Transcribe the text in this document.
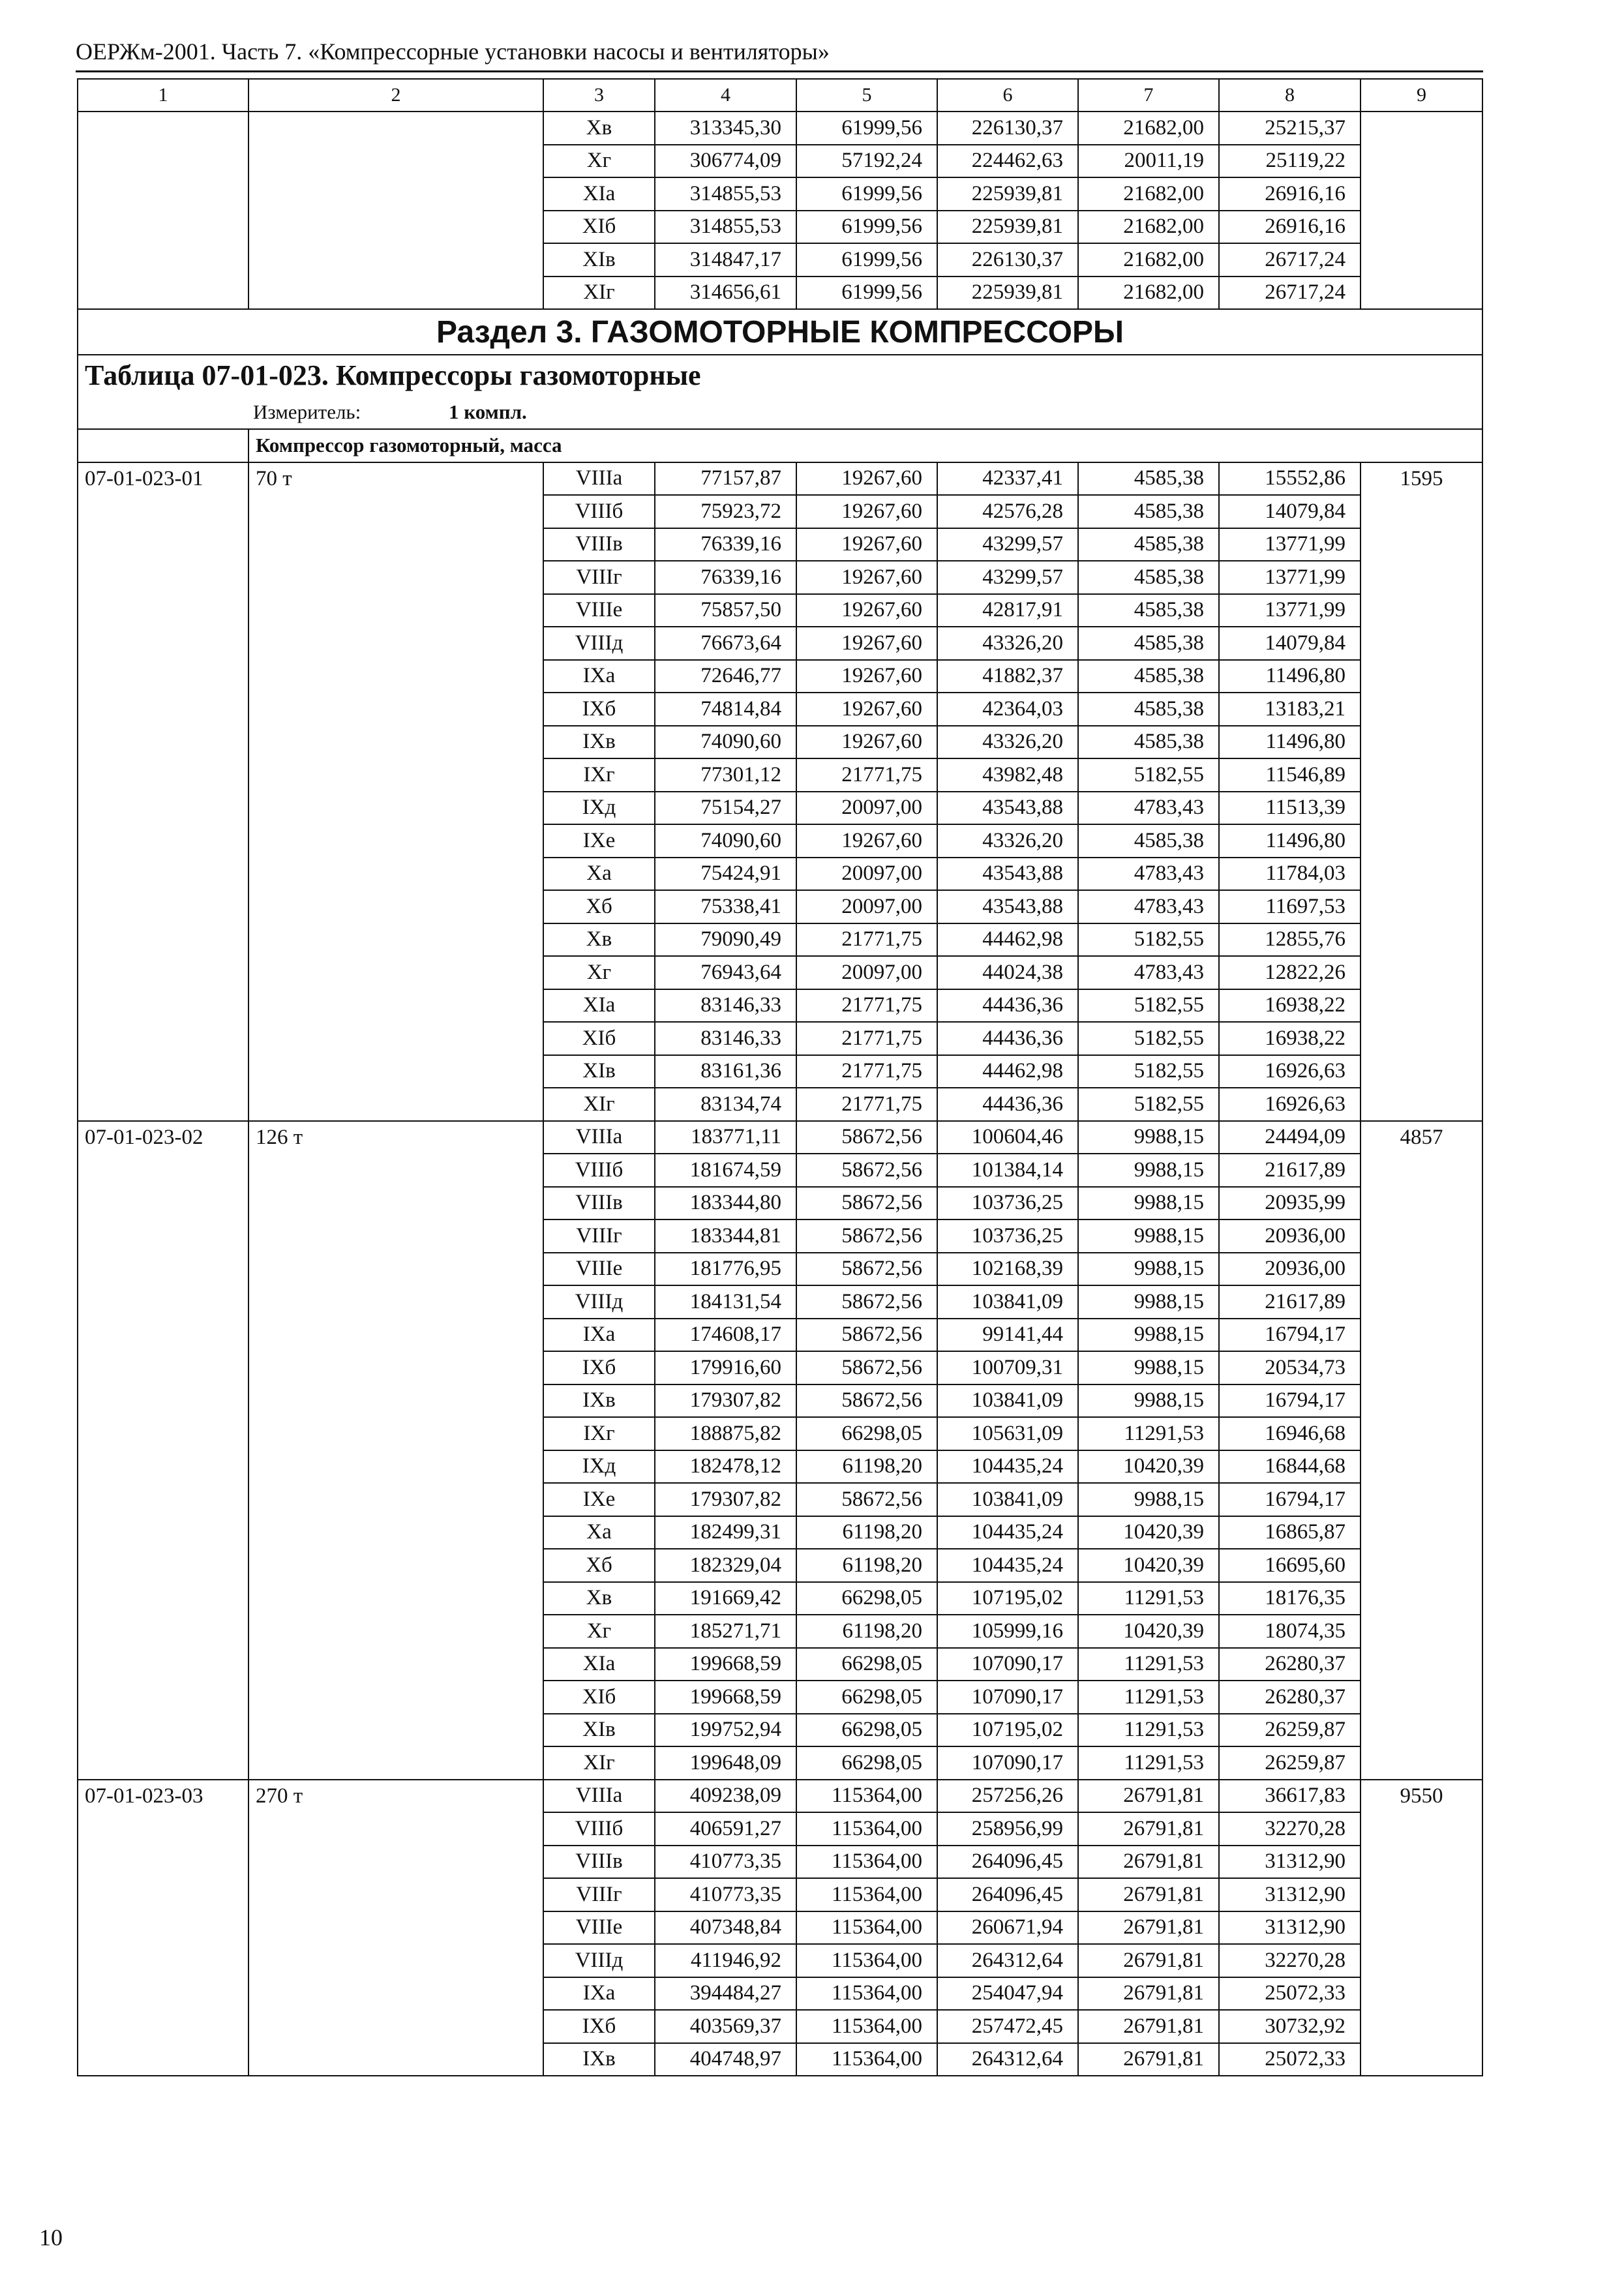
ОЕРЖм-2001. Часть 7. «Компрессорные установки насосы и вентиляторы»
1	2	3	4	5	6	7	8	9
		Хв	313345,30	61999,56	226130,37	21682,00	25215,37	
		Хг	306774,09	57192,24	224462,63	20011,19	25119,22	
		ХIа	314855,53	61999,56	225939,81	21682,00	26916,16	
		ХIб	314855,53	61999,56	225939,81	21682,00	26916,16	
		ХIв	314847,17	61999,56	226130,37	21682,00	26717,24	
		ХIг	314656,61	61999,56	225939,81	21682,00	26717,24	
Раздел 3. ГАЗОМОТОРНЫЕ КОМПРЕССОРЫ								
Таблица 07-01-023. Компрессоры газомоторные								
Измеритель: 1 компл.								
	Компрессор газомоторный, масса							
07-01-023-01	70 т	VIIIа	77157,87	19267,60	42337,41	4585,38	15552,86	1595
		VIIIб	75923,72	19267,60	42576,28	4585,38	14079,84	
		VIIIв	76339,16	19267,60	43299,57	4585,38	13771,99	
		VIIIг	76339,16	19267,60	43299,57	4585,38	13771,99	
		VIIIе	75857,50	19267,60	42817,91	4585,38	13771,99	
		VIIIд	76673,64	19267,60	43326,20	4585,38	14079,84	
		IХа	72646,77	19267,60	41882,37	4585,38	11496,80	
		IХб	74814,84	19267,60	42364,03	4585,38	13183,21	
		IХв	74090,60	19267,60	43326,20	4585,38	11496,80	
		IХг	77301,12	21771,75	43982,48	5182,55	11546,89	
		IХд	75154,27	20097,00	43543,88	4783,43	11513,39	
		IХе	74090,60	19267,60	43326,20	4585,38	11496,80	
		Ха	75424,91	20097,00	43543,88	4783,43	11784,03	
		Хб	75338,41	20097,00	43543,88	4783,43	11697,53	
		Хв	79090,49	21771,75	44462,98	5182,55	12855,76	
		Хг	76943,64	20097,00	44024,38	4783,43	12822,26	
		ХIа	83146,33	21771,75	44436,36	5182,55	16938,22	
		ХIб	83146,33	21771,75	44436,36	5182,55	16938,22	
		ХIв	83161,36	21771,75	44462,98	5182,55	16926,63	
		ХIг	83134,74	21771,75	44436,36	5182,55	16926,63	
07-01-023-02	126 т	VIIIа	183771,11	58672,56	100604,46	9988,15	24494,09	4857
		VIIIб	181674,59	58672,56	101384,14	9988,15	21617,89	
		VIIIв	183344,80	58672,56	103736,25	9988,15	20935,99	
		VIIIг	183344,81	58672,56	103736,25	9988,15	20936,00	
		VIIIе	181776,95	58672,56	102168,39	9988,15	20936,00	
		VIIIд	184131,54	58672,56	103841,09	9988,15	21617,89	
		IХа	174608,17	58672,56	99141,44	9988,15	16794,17	
		IХб	179916,60	58672,56	100709,31	9988,15	20534,73	
		IХв	179307,82	58672,56	103841,09	9988,15	16794,17	
		IХг	188875,82	66298,05	105631,09	11291,53	16946,68	
		IХд	182478,12	61198,20	104435,24	10420,39	16844,68	
		IХе	179307,82	58672,56	103841,09	9988,15	16794,17	
		Ха	182499,31	61198,20	104435,24	10420,39	16865,87	
		Хб	182329,04	61198,20	104435,24	10420,39	16695,60	
		Хв	191669,42	66298,05	107195,02	11291,53	18176,35	
		Хг	185271,71	61198,20	105999,16	10420,39	18074,35	
		ХIа	199668,59	66298,05	107090,17	11291,53	26280,37	
		ХIб	199668,59	66298,05	107090,17	11291,53	26280,37	
		ХIв	199752,94	66298,05	107195,02	11291,53	26259,87	
		ХIг	199648,09	66298,05	107090,17	11291,53	26259,87	
07-01-023-03	270 т	VIIIа	409238,09	115364,00	257256,26	26791,81	36617,83	9550
		VIIIб	406591,27	115364,00	258956,99	26791,81	32270,28	
		VIIIв	410773,35	115364,00	264096,45	26791,81	31312,90	
		VIIIг	410773,35	115364,00	264096,45	26791,81	31312,90	
		VIIIе	407348,84	115364,00	260671,94	26791,81	31312,90	
		VIIIд	411946,92	115364,00	264312,64	26791,81	32270,28	
		IХа	394484,27	115364,00	254047,94	26791,81	25072,33	
		IХб	403569,37	115364,00	257472,45	26791,81	30732,92	
		IХв	404748,97	115364,00	264312,64	26791,81	25072,33	
10
